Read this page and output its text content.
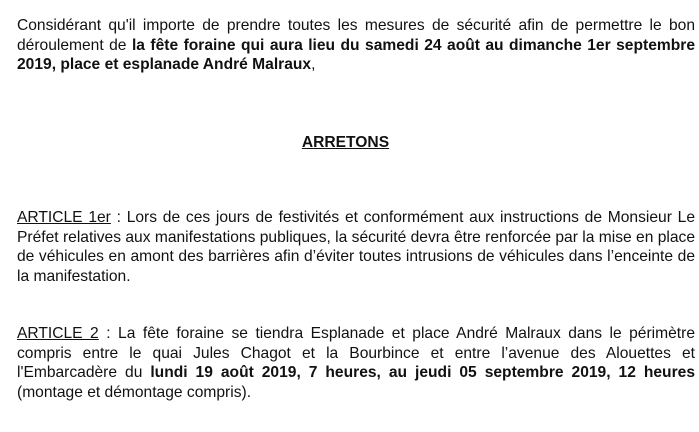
Considérant qu'il importe de prendre toutes les mesures de sécurité afin de permettre le bon déroulement de la fête foraine qui aura lieu du samedi 24 août au dimanche 1er septembre 2019, place et esplanade André Malraux,

ARRETONS

ARTICLE 1er : Lors de ces jours de festivités et conformément aux instructions de Monsieur Le Préfet relatives aux manifestations publiques, la sécurité devra être renforcée par la mise en place de véhicules en amont des barrières afin d’éviter toutes intrusions de véhicules dans l’enceinte de la manifestation.

ARTICLE 2 : La fête foraine se tiendra Esplanade et place André Malraux dans le périmètre compris entre le quai Jules Chagot et la Bourbince et entre l’avenue des Alouettes et l'Embarcadère du lundi 19 août 2019, 7 heures, au jeudi 05 septembre 2019, 12 heures (montage et démontage compris).
